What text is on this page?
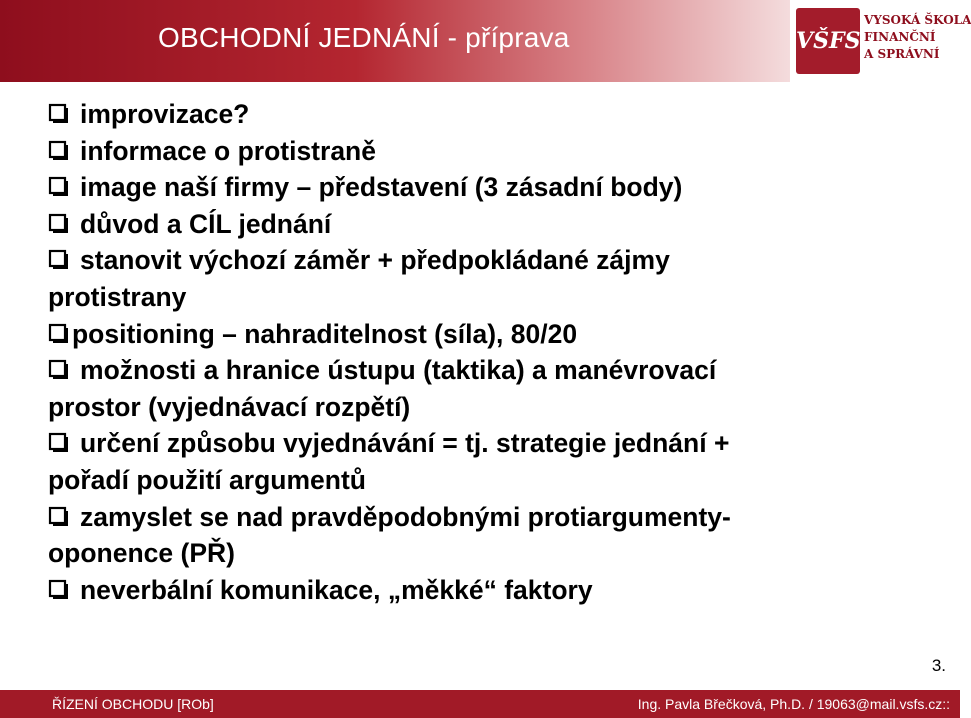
OBCHODNÍ JEDNÁNÍ - příprava	VŠFS
VYSOKÁ ŠKOLA
FINANČNÍ
A SPRÁVNÍ
improvizace?
informace o protistraně
image naší firmy – představení (3 zásadní body)
důvod a CÍL jednání
stanovit výchozí záměr + předpokládané zájmy
protistrany
positioning – nahraditelnost (síla), 80/20
možnosti a hranice ústupu (taktika) a manévrovací
prostor (vyjednávací rozpětí)
určení způsobu vyjednávání = tj. strategie jednání +
pořadí použití argumentů
zamyslet se nad pravděpodobnými protiargumenty-
oponence (PŘ)
neverbální komunikace, „měkké“ faktory
3.
ŘÍZENÍ OBCHODU [ROb]	Ing. Pavla Břečková, Ph.D. / 19063@mail.vsfs.cz::
